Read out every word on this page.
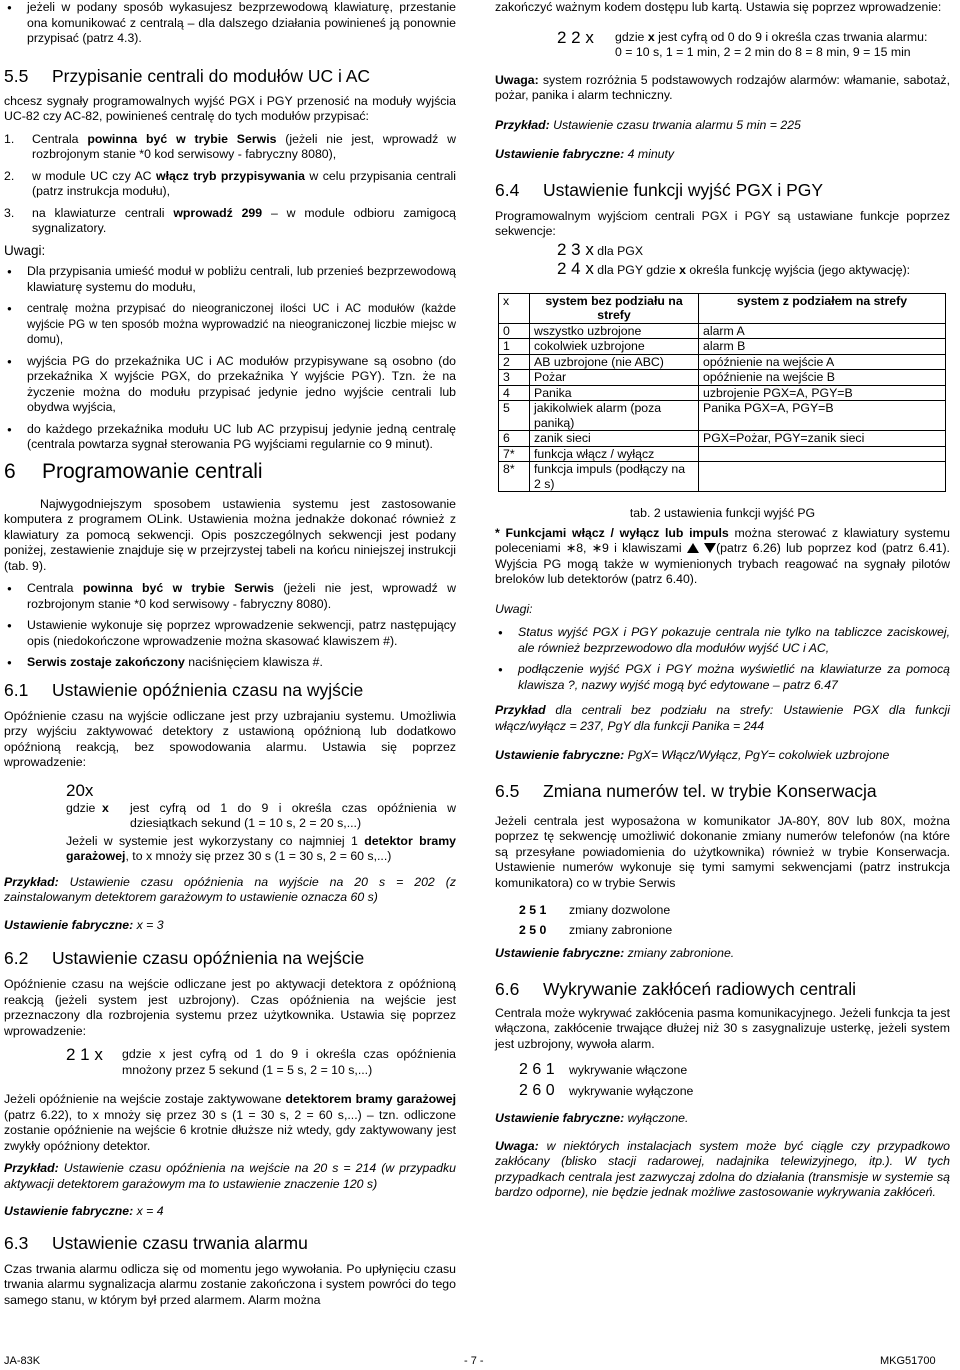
● jeżeli w podany sposób wykasujesz bezprzewodową klawiaturę, przestanie ona komunikować z centralą – dla dalszego działania powinieneś ją ponownie przypisać (patrz 4.3).
5.5	Przypisanie centrali do modułów UC i AC

chcesz sygnały programowalnych wyjść PGX i PGY przenosić na moduły wyjścia UC-82 czy AC-82, powinieneś centralę do tych modułów przypisać:

1. Centrala powinna być w trybie Serwis (jeżeli nie jest, wprowadź w rozbrojonym stanie *0 kod serwisowy - fabryczny 8080),
2. w module UC czy AC włącz tryb przypisywania w celu przypisania centrali (patrz instrukcja modułu),
3. na klawiaturze centrali wprowadź 299 – w module odbioru zamigocą sygnalizatory.
Uwagi:
● Dla przypisania umieść moduł w pobliżu centrali, lub przenieś bezprzewodową klawiaturę systemu do modułu,
● centralę można przypisać do nieograniczonej ilości UC i AC modułów (każde wyjście PG w ten sposób można wyprowadzić na nieograniczonej liczbie miejsc w domu),
● wyjścia PG do przekaźnika UC i AC modułów przypisywane są osobno (do przekaźnika X wyjście PGX, do przekaźnika Y wyjście PGY). Tzn. że na życzenie można do modułu przypisać jedynie jedno wyjście centrali lub obydwa wyjścia,
● do każdego przekaźnika modułu UC lub AC przypisuj jedynie jedną centralę (centrala powtarza sygnał sterowania PG wyjściami regularnie co 9 minut).
6	Programowanie centrali

Najwygodniejszym sposobem ustawienia systemu jest zastosowanie komputera z programem OLink. Ustawienia można jednakże dokonać również z klawiatury za pomocą sekwencji. Opis poszczególnych sekwencji jest podany poniżej, zestawienie znajduje się w przejrzystej tabeli na końcu niniejszej instrukcji (tab. 9).

● Centrala powinna być w trybie Serwis (jeżeli nie jest, wprowadź w rozbrojonym stanie *0 kod serwisowy - fabryczny 8080).
● Ustawienie wykonuje się poprzez wprowadzenie sekwencji, patrz następujący opis (niedokończone wprowadzenie można skasować klawiszem #).
● Serwis zostaje zakończony naciśnięciem klawisza #.
6.1	Ustawienie opóźnienia czasu na wyjście

Opóźnienie czasu na wyjście odliczane jest przy uzbrajaniu systemu. Umożliwia przy wyjściu zaktywować detektory z ustawioną opóźnioną lub dodatkowo opóźnioną reakcją, bez spowodowania alarmu. Ustawia się poprzez wprowadzenie:

20x
gdzie x	jest cyfrą od 1 do 9 i określa czas opóźnienia w dziesiątkach sekund (1 = 10 s, 2 = 20 s,...)
Jeżeli w systemie jest wykorzystany co najmniej 1 detektor bramy garażowej, to x mnoży się przez 30 s (1 = 30 s, 2 = 60 s,...)

Przykład: Ustawienie czasu opóźnienia na wyjście na 20 s = 202 (z zainstalowanym detektorem garażowym to ustawienie oznacza 60 s)

Ustawienie fabryczne: x = 3

6.2	Ustawienie czasu opóźnienia na wejście

Opóźnienie czasu na wejście odliczane jest po aktywacji detektora z opóźnioną reakcją (jeżeli system jest uzbrojony). Czas opóźnienia na wejście jest przeznaczony dla rozbrojenia systemu przez użytkownika. Ustawia się poprzez wprowadzenie:

2 1 x	gdzie x jest cyfrą od 1 do 9 i określa czas opóźnienia mnożony przez 5 sekund (1 = 5 s, 2 = 10 s,...)

Jeżeli opóźnienie na wejście zostaje zaktywowane detektorem bramy garażowej (patrz 6.22), to x mnoży się przez 30 s (1 = 30 s, 2 = 60 s,...) – tzn. odliczone zostanie opóźnienie na wejście 6 krotnie dłuższe niż wtedy, gdy zaktywowany jest zwykły opóźniony detektor.

Przykład: Ustawienie czasu opóźnienia na wejście na 20 s = 214 (w przypadku aktywacji detektorem garażowym ma to ustawienie znaczenie 120 s)

Ustawienie fabryczne: x = 4

6.3	Ustawienie czasu trwania alarmu

Czas trwania alarmu odlicza się od momentu jego wywołania. Po upłynięciu czasu trwania alarmu sygnalizacja alarmu zostanie zakończona i system powróci do tego samego stanu, w którym był przed alarmem. Alarm można

zakończyć ważnym kodem dostępu lub kartą. Ustawia się poprzez wprowadzenie:

2 2 x	gdzie x jest cyfrą od 0 do 9 i określa czas trwania alarmu:
0 = 10 s, 1 = 1 min, 2 = 2 min do 8 = 8 min, 9 = 15 min

Uwaga: system rozróżnia 5 podstawowych rodzajów alarmów: włamanie, sabotaż, pożar, panika i alarm techniczny.

Przykład: Ustawienie czasu trwania alarmu 5 min = 225

Ustawienie fabryczne: 4 minuty

6.4	Ustawienie funkcji wyjść PGX i PGY

Programowalnym wyjściom centrali PGX i PGY są ustawiane funkcje poprzez sekwencje:

2 3 x dla PGX
2 4 x dla PGY gdzie x określa funkcję wyjścia (jego aktywację):
x	system bez podziału na strefy	system z podziałem na strefy
0	wszystko uzbrojone	alarm A
1	cokolwiek uzbrojone	alarm B
2	AB uzbrojone (nie ABC)	opóźnienie na wejście A
3	Pożar	opóźnienie na wejście B
4	Panika	uzbrojenie PGX=A, PGY=B
5	jakikolwiek alarm (poza paniką)	Panika PGX=A, PGY=B
6	zanik sieci	PGX=Pożar, PGY=zanik sieci
7*	funkcja włącz / wyłącz	
8*	funkcja impuls (podłączy na 2 s)	
tab. 2 ustawienia funkcji wyjść PG

* Funkcjami włącz / wyłącz lub impuls można sterować z klawiatury systemu poleceniami ∗8, ∗9 i klawiszami  (patrz 6.26) lub poprzez kod (patrz 6.41). Wyjścia PG mogą także w wymienionych trybach reagować na sygnały pilotów breloków lub detektorów (patrz 6.40).

Uwagi:

● Status wyjść PGX i PGY pokazuje centrala nie tylko na tabliczce zaciskowej, ale również bezprzewodowo dla modułów wyjść UC i AC,
● podłączenie wyjść PGX i PGY można wyświetlić na klawiaturze za pomocą klawisza ?, nazwy wyjść mogą być edytowane – patrz 6.47

Przykład dla centrali bez podziału na strefy: Ustawienie PGX dla funkcji włącz/wyłącz = 237, PgY dla funkcji Panika = 244

Ustawienie fabryczne: PgX= Włącz/Wyłącz, PgY= cokolwiek uzbrojone

6.5	Zmiana numerów tel. w trybie Konserwacja

Jeżeli centrala jest wyposażona w komunikator JA-80Y, 80V lub 80X, można poprzez tę sekwencję umożliwić dokonanie zmiany numerów telefonów (na które są przesyłane powiadomienia do użytkownika) również w trybie Konserwacja. Ustawienie numerów wykonuje się tymi samymi sekwencjami (patrz instrukcja komunikatora) co w trybie Serwis

2 5 1	zmiany dozwolone
2 5 0	zmiany zabronione

Ustawienie fabryczne: zmiany zabronione.

6.6	Wykrywanie zakłóceń radiowych centrali

Centrala może wykrywać zakłócenia pasma komunikacyjnego. Jeżeli funkcja ta jest włączona, zakłócenie trwające dłużej niż 30 s zasygnalizuje usterkę, jeżeli system jest uzbrojony, wywoła alarm.

2 6 1	wykrywanie włączone
2 6 0	wykrywanie wyłączone

Ustawienie fabryczne: wyłączone.

Uwaga: w niektórych instalacjach system może być ciągle czy przypadkowo zakłócany (blisko stacji radarowej, nadajnika telewizyjnego, itp.). W tych przypadkach centrala jest zazwyczaj zdolna do działania (transmisje w systemie są bardzo odporne), nie będzie jednak możliwe zastosowanie wykrywania zakłóceń.

JA-83K	- 7 -	MKG51700
